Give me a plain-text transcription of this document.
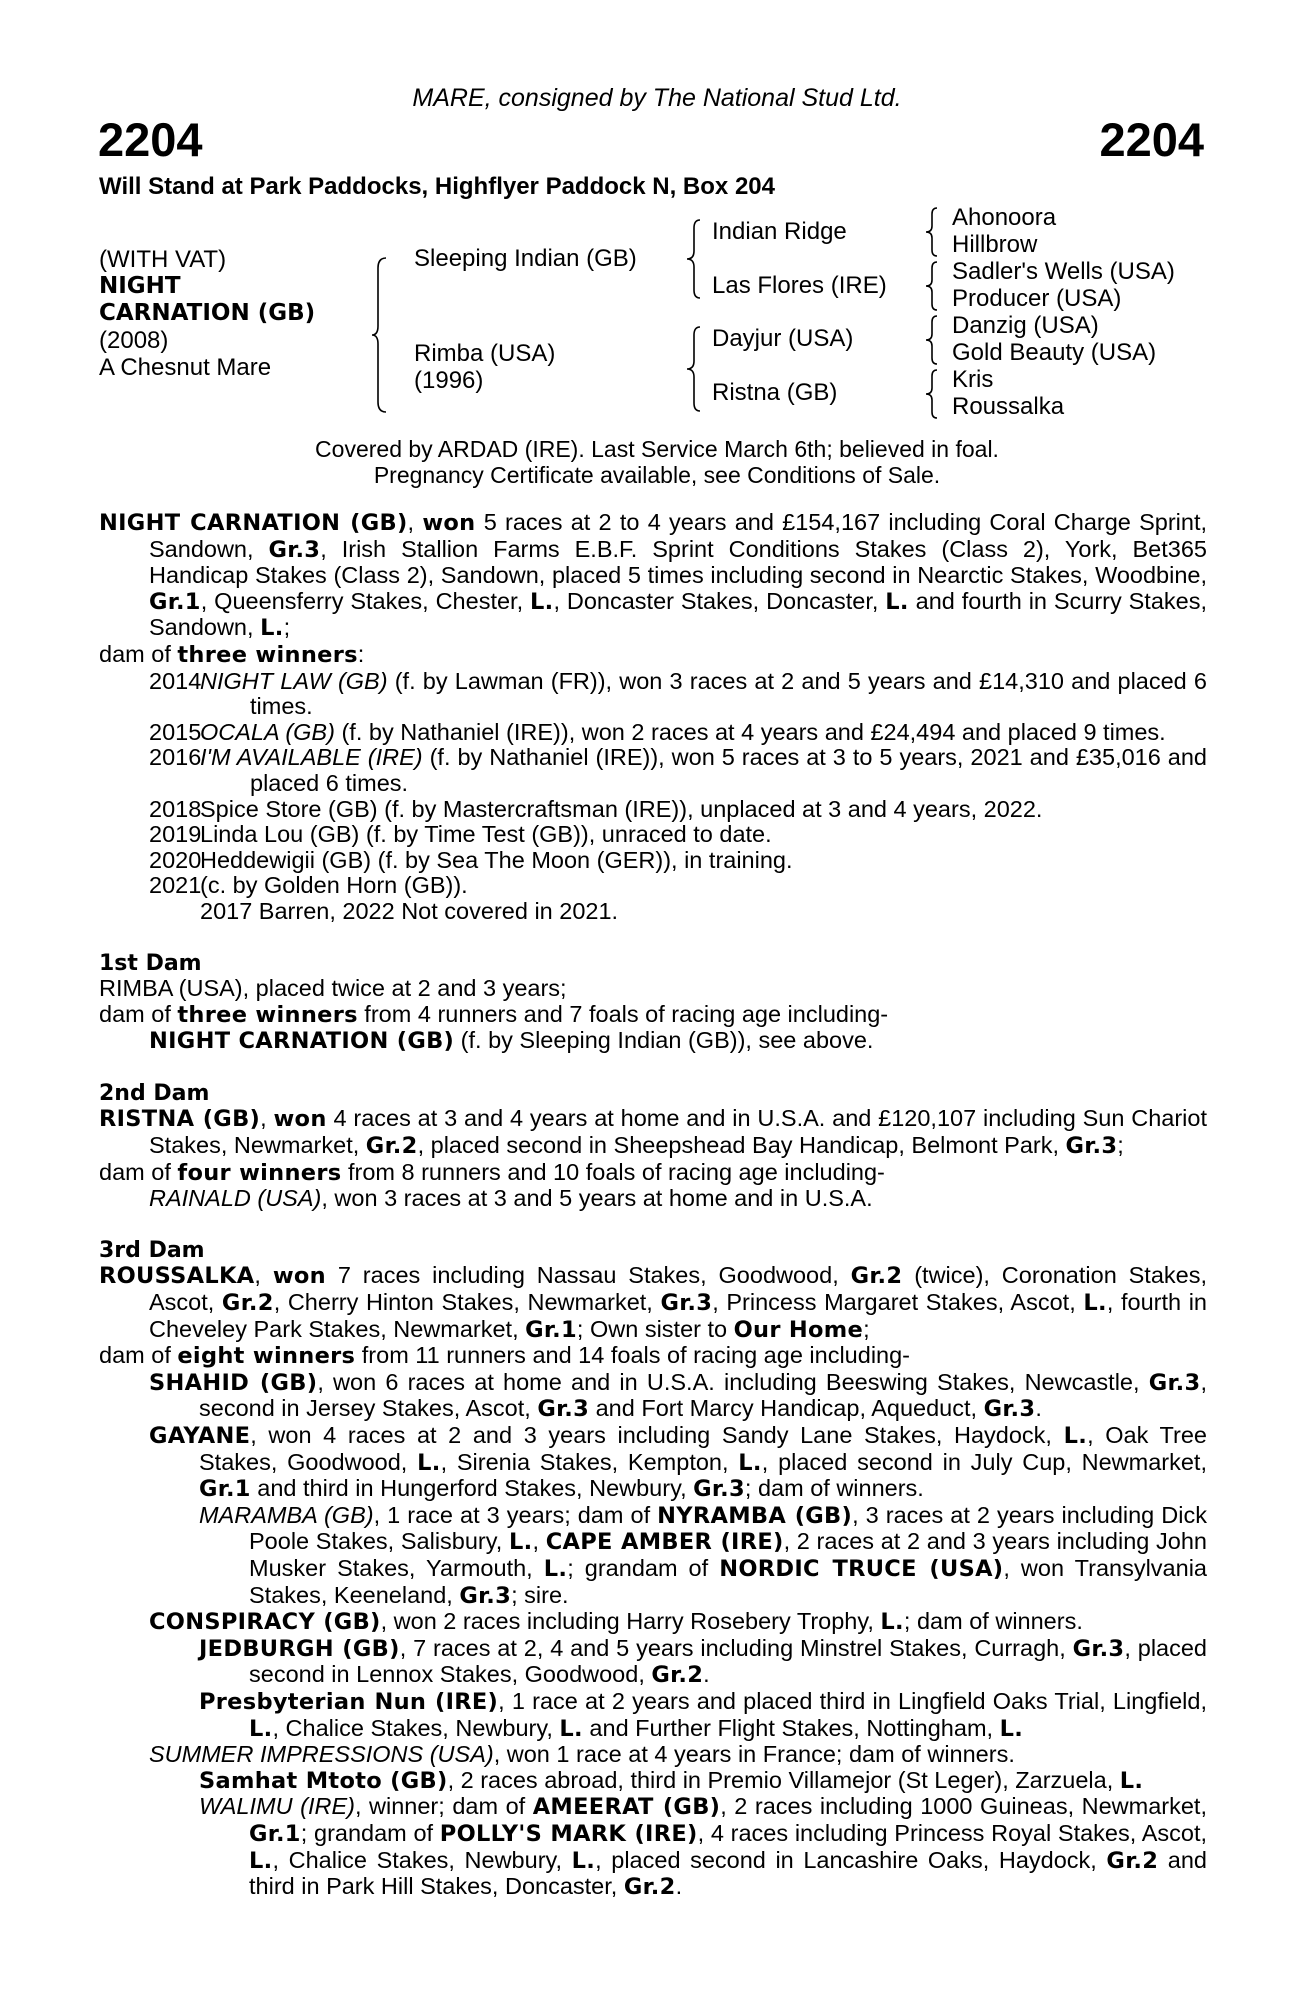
MARE, consigned by The National Stud Ltd.
2204	2204
Will Stand at Park Paddocks, Highflyer Paddock N, Box 204
(WITH VAT)
NIGHT
CARNATION (GB)
(2008)
A Chesnut Mare
Sleeping Indian (GB)
Rimba (USA)
(1996)
Indian Ridge
Las Flores (IRE)
Dayjur (USA)
Ristna (GB)
Ahonoora
Hillbrow
Sadler's Wells (USA)
Producer (USA)
Danzig (USA)
Gold Beauty (USA)
Kris
Roussalka
Covered by ARDAD (IRE). Last Service March 6th; believed in foal.
Pregnancy Certificate available, see Conditions of Sale.
NIGHT CARNATION (GB), won 5 races at 2 to 4 years and £154,167 including Coral Charge Sprint, Sandown, Gr.3, Irish Stallion Farms E.B.F. Sprint Conditions Stakes (Class 2), York, Bet365 Handicap Stakes (Class 2), Sandown, placed 5 times including second in Nearctic Stakes, Woodbine, Gr.1, Queensferry Stakes, Chester, L., Doncaster Stakes, Doncaster, L. and fourth in Scurry Stakes, Sandown, L.;
dam of three winners:
2014
NIGHT LAW (GB) (f. by Lawman (FR)), won 3 races at 2 and 5 years and £14,310 and placed 6 times.
2015
OCALA (GB) (f. by Nathaniel (IRE)), won 2 races at 4 years and £24,494 and placed 9 times.
2016
I'M AVAILABLE (IRE) (f. by Nathaniel (IRE)), won 5 races at 3 to 5 years, 2021 and £35,016 and placed 6 times.
2018
Spice Store (GB) (f. by Mastercraftsman (IRE)), unplaced at 3 and 4 years, 2022.
2019
Linda Lou (GB) (f. by Time Test (GB)), unraced to date.
2020
Heddewigii (GB) (f. by Sea The Moon (GER)), in training.
2021
(c. by Golden Horn (GB)).
2017 Barren, 2022 Not covered in 2021.
1st Dam
RIMBA (USA), placed twice at 2 and 3 years;
dam of three winners from 4 runners and 7 foals of racing age including-
NIGHT CARNATION (GB) (f. by Sleeping Indian (GB)), see above.
2nd Dam
RISTNA (GB), won 4 races at 3 and 4 years at home and in U.S.A. and £120,107 including Sun Chariot Stakes, Newmarket, Gr.2, placed second in Sheepshead Bay Handicap, Belmont Park, Gr.3;
dam of four winners from 8 runners and 10 foals of racing age including-
RAINALD (USA), won 3 races at 3 and 5 years at home and in U.S.A.
3rd Dam
ROUSSALKA, won 7 races including Nassau Stakes, Goodwood, Gr.2 (twice), Coronation Stakes, Ascot, Gr.2, Cherry Hinton Stakes, Newmarket, Gr.3, Princess Margaret Stakes, Ascot, L., fourth in Cheveley Park Stakes, Newmarket, Gr.1; Own sister to Our Home;
dam of eight winners from 11 runners and 14 foals of racing age including-
SHAHID (GB), won 6 races at home and in U.S.A. including Beeswing Stakes, Newcastle, Gr.3, second in Jersey Stakes, Ascot, Gr.3 and Fort Marcy Handicap, Aqueduct, Gr.3.
GAYANE, won 4 races at 2 and 3 years including Sandy Lane Stakes, Haydock, L., Oak Tree Stakes, Goodwood, L., Sirenia Stakes, Kempton, L., placed second in July Cup, Newmarket, Gr.1 and third in Hungerford Stakes, Newbury, Gr.3; dam of winners.
MARAMBA (GB), 1 race at 3 years; dam of NYRAMBA (GB), 3 races at 2 years including Dick Poole Stakes, Salisbury, L., CAPE AMBER (IRE), 2 races at 2 and 3 years including John Musker Stakes, Yarmouth, L.; grandam of NORDIC TRUCE (USA), won Transylvania Stakes, Keeneland, Gr.3; sire.
CONSPIRACY (GB), won 2 races including Harry Rosebery Trophy, L.; dam of winners.
JEDBURGH (GB), 7 races at 2, 4 and 5 years including Minstrel Stakes, Curragh, Gr.3, placed second in Lennox Stakes, Goodwood, Gr.2.
Presbyterian Nun (IRE), 1 race at 2 years and placed third in Lingfield Oaks Trial, Lingfield, L., Chalice Stakes, Newbury, L. and Further Flight Stakes, Nottingham, L.
SUMMER IMPRESSIONS (USA), won 1 race at 4 years in France; dam of winners.
Samhat Mtoto (GB), 2 races abroad, third in Premio Villamejor (St Leger), Zarzuela, L.
WALIMU (IRE), winner; dam of AMEERAT (GB), 2 races including 1000 Guineas, Newmarket, Gr.1; grandam of POLLY'S MARK (IRE), 4 races including Princess Royal Stakes, Ascot, L., Chalice Stakes, Newbury, L., placed second in Lancashire Oaks, Haydock, Gr.2 and third in Park Hill Stakes, Doncaster, Gr.2.
